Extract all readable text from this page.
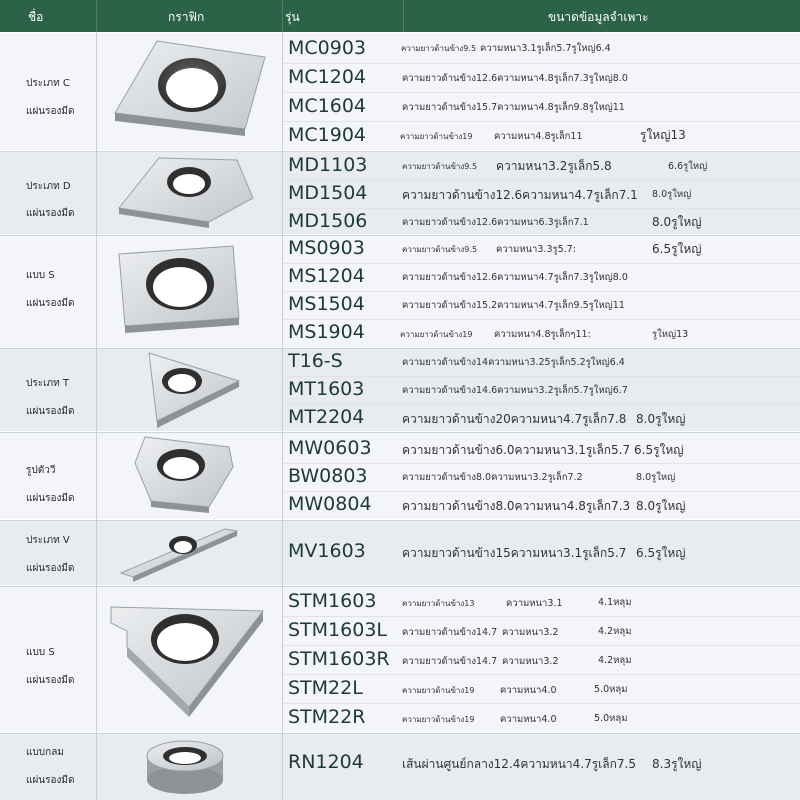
ชื่อ	กราฟิก	รุ่น	ขนาดข้อมูลจำเพาะ
ประเภท C
แผ่นรองมีด
MC0903	ความยาวด้านข้าง9.5 ความหนา3.1รูเล็ก5.7รูใหญ่6.4
MC1204	ความยาวด้านข้าง12.6ความหนา4.8รูเล็ก7.3รูใหญ่8.0
MC1604	ความยาวด้านข้าง15.7ความหนา4.8รูเล็ก9.8รูใหญ่11
MC1904	ความยาวด้านข้าง19 ความหนา4.8รูเล็ก11	รูใหญ่13
ประเภท D
แผ่นรองมีด
MD1103	ความยาวด้านข้าง9.5 ความหนา3.2รูเล็ก5.8	6.6รูใหญ่
MD1504	ความยาวด้านข้าง12.6ความหนา4.7รูเล็ก7.1 8.0รูใหญ่
MD1506	ความยาวด้านข้าง12.6ความหนา6.3รูเล็ก7.1	8.0รูใหญ่
แบบ S
แผ่นรองมีด
MS0903	ความยาวด้านข้าง9.5 ความหนา3.3รู5.7:	6.5รูใหญ่
MS1204	ความยาวด้านข้าง12.6ความหนา4.7รูเล็ก7.3รูใหญ่8.0
MS1504	ความยาวด้านข้าง15.2ความหนา4.7รูเล็ก9.5รูใหญ่11
MS1904	ความยาวด้านข้าง19 ความหนา4.8รูเล็กๆ11:	รูใหญ่13
ประเภท T
แผ่นรองมีด
T16-S	ความยาวด้านข้าง14ความหนา3.25รูเล็ก5.2รูใหญ่6.4
MT1603	ความยาวด้านข้าง14.6ความหนา3.2รูเล็ก5.7รูใหญ่6.7
MT2204	ความยาวด้านข้าง20ความหนา4.7รูเล็ก7.8 8.0รูใหญ่
รูปตัววี
แผ่นรองมีด
MW0603	ความยาวด้านข้าง6.0ความหนา3.1รูเล็ก5.7 6.5รูใหญ่
BW0803	ความยาวด้านข้าง8.0ความหนา3.2รูเล็ก7.2	8.0รูใหญ่
MW0804	ความยาวด้านข้าง8.0ความหนา4.8รูเล็ก7.3 8.0รูใหญ่
ประเภท V
แผ่นรองมีด
MV1603	ความยาวด้านข้าง15ความหนา3.1รูเล็ก5.7 6.5รูใหญ่
แบบ S
แผ่นรองมีด
STM1603	ความยาวด้านข้าง13	ความหนา3.1	4.1หลุม
STM1603L ความยาวด้านข้าง14.7 ความหนา3.2	4.2หลุม
STM1603R ความยาวด้านข้าง14.7 ความหนา3.2	4.2หลุม
STM22L	ความยาวด้านข้าง19	ความหนา4.0	5.0หลุม
STM22R	ความยาวด้านข้าง19	ความหนา4.0	5.0หลุม
แบบกลม
แผ่นรองมีด
RN1204	เส้นผ่านศูนย์กลาง12.4ความหนา4.7รูเล็ก7.5 8.3รูใหญ่
